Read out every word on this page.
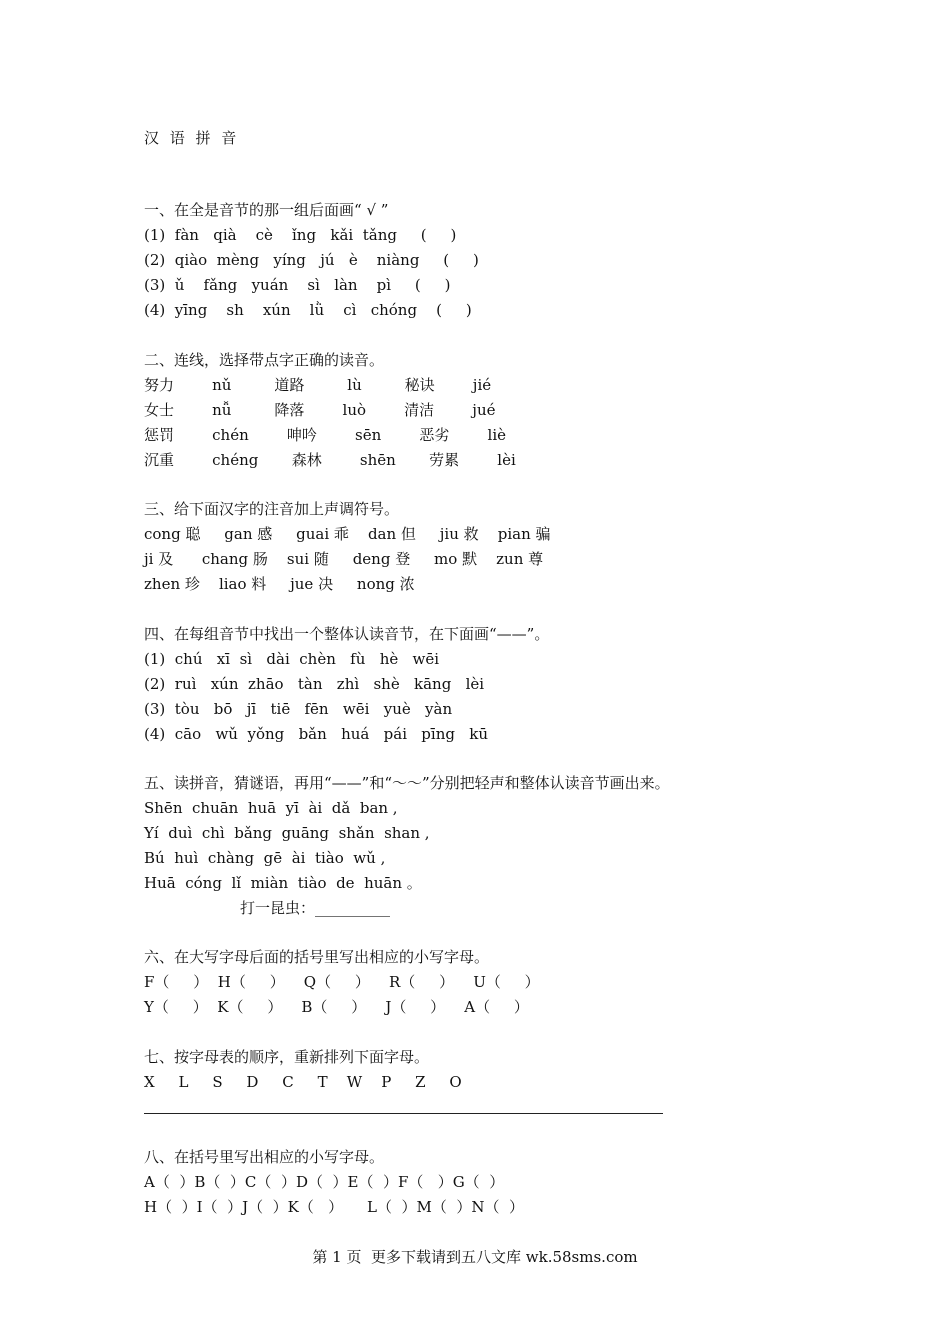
汉 语 拼 音
一、在全是音节的那一组后面画“ √ ”
(1)  fàn   qià    cè    ǐng   kǎi  tǎng     (     )
(2)  qiào  mèng   yíng   jú   è    niàng     (     )
(3)  ǔ    fǎng   yuán    sì   làn    pì     (     )
(4)  yīng    sh    xún    lǜ    cì   chóng    (     )
二、连线，选择带点字正确的读音。
努力        nǔ         道路         lù         秘诀        jié
女士        nǚ         降落        luò        清洁        jué
惩罚        chén        呻吟        sēn        恶劣        liè
沉重        chéng       森林        shēn       劳累        lèi
三、给下面汉字的注音加上声调符号。
cong 聪     gan 感     guai 乖    dan 但     jiu 救    pian 骗
ji 及      chang 肠    sui 随     deng 登     mo 默    zun 尊
zhen 珍    liao 料     jue 决     nong 浓
四、在每组音节中找出一个整体认读音节，在下面画“——”。
(1)  chú   xī  sì   dài  chèn   fù   hè   wēi
(2)  ruì   xún  zhāo   tàn   zhì   shè   kāng   lèi
(3)  tòu   bō   jī   tiē   fēn   wēi   yuè   yàn
(4)  cāo   wǔ  yǒng   bǎn   huá   pái   pīng   kū
五、读拼音，猜谜语，再用“——”和“～～”分别把轻声和整体认读音节画出来。
Shēn  chuān  huā  yī  ài  dǎ  ban ,
Yí  duì  chì  bǎng  guāng  shǎn  shan ,
Bú  huì  chàng  gē  ài  tiào  wǔ ,
Huā  cóng  lǐ  miàn  tiào  de  huān 。
打一昆虫：__________
六、在大写字母后面的括号里写出相应的小写字母。
F（     ）  H（     ）    Q（     ）    R（     ）    U（     ）
Y（     ）  K（     ）    B（     ）    J（     ）    A（     ）
七、按字母表的顺序，重新排列下面字母。
X     L     S     D     C     T    W    P     Z     O
八、在括号里写出相应的小写字母。
A（  ）B（  ）C（  ）D（  ）E（  ）F（   ）G（  ）
H（  ）I（  ）J（  ）K（   ）     L（  ）M（  ）N（  ）
第 1 页  更多下载请到五八文库 wk.58sms.com
